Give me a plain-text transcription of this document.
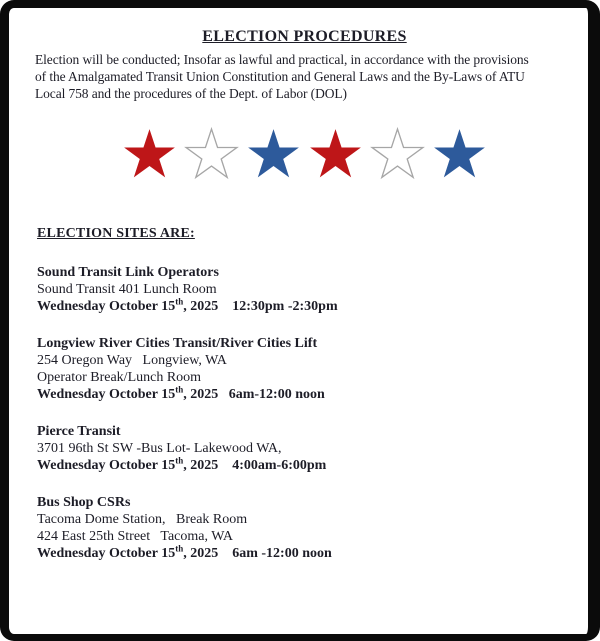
ELECTION PROCEDURES
Election will be conducted; Insofar as lawful and practical, in accordance with the provisions
of the Amalgamated Transit Union Constitution and General Laws and the By-Laws of ATU
Local 758 and the procedures of the Dept. of Labor (DOL)
ELECTION SITES ARE:
Sound Transit Link Operators
Sound Transit 401 Lunch Room
Wednesday October 15th, 2025    12:30pm -2:30pm
Longview River Cities Transit/River Cities Lift
254 Oregon Way   Longview, WA
Operator Break/Lunch Room
Wednesday October 15th, 2025   6am-12:00 noon
Pierce Transit
3701 96th St SW -Bus Lot- Lakewood WA,
Wednesday October 15th, 2025    4:00am-6:00pm
Bus Shop CSRs
Tacoma Dome Station,   Break Room
424 East 25th Street   Tacoma, WA
Wednesday October 15th, 2025    6am -12:00 noon
